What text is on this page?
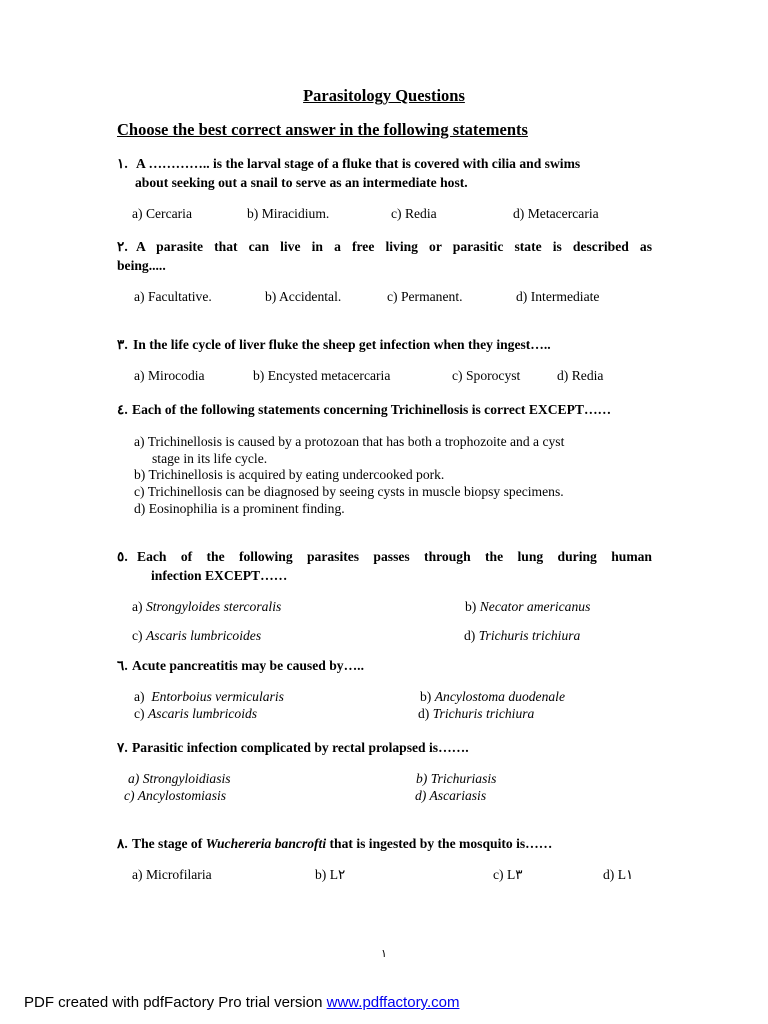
Parasitology Questions
Choose the best correct answer in the following statements
١. A ………….. is the larval stage of a fluke that is covered with cilia and swims
about seeking out a snail to serve as an intermediate host.
a) Cercaria	b) Miracidium.	c) Redia	d) Metacercaria
٢. A parasite that can live in a free living or parasitic state is described as
being.....
a) Facultative.	b) Accidental.	c) Permanent.	d) Intermediate
٣. In the life cycle of liver fluke the sheep get infection when they ingest…..
a) Mirocodia	b) Encysted metacercaria	c) Sporocyst	d) Redia
٤. Each of the following statements concerning Trichinellosis is correct EXCEPT……
a) Trichinellosis is caused by a protozoan that has both a trophozoite and a cyst
stage in its life cycle.
b) Trichinellosis is acquired by eating undercooked pork.
c) Trichinellosis can be diagnosed by seeing cysts in muscle biopsy specimens.
d) Eosinophilia is a prominent finding.
٥. Each of the following parasites passes through the lung during human
infection EXCEPT……
a) Strongyloides stercoralis	b) Necator americanus
c) Ascaris lumbricoides	d) Trichuris trichiura
٦. Acute pancreatitis may be caused by…..
a) Entorboius vermicularis	b) Ancylostoma duodenale
c) Ascaris lumbricoids	d) Trichuris trichiura
٧. Parasitic infection complicated by rectal prolapsed is…….
a) Strongyloidiasis	b) Trichuriasis
c) Ancylostomiasis	d) Ascariasis
٨. The stage of Wuchereria bancrofti that is ingested by the mosquito is……
a) Microfilaria	b) L٢	c) L٣	d) L١
١
PDF created with pdfFactory Pro trial version www.pdffactory.com
